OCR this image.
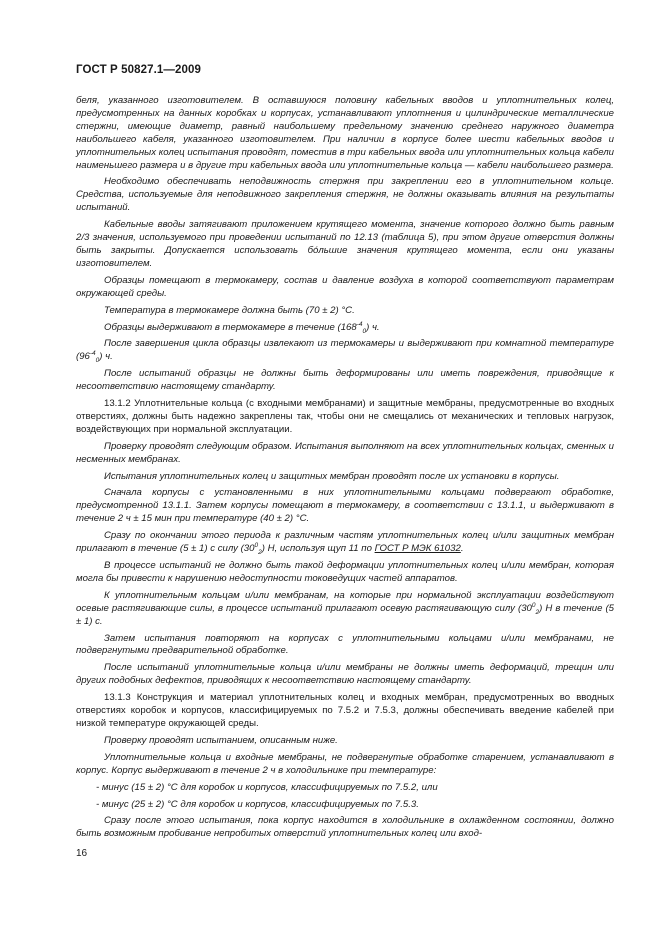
ГОСТ Р 50827.1—2009

беля, указанного изготовителем. В оставшуюся половину кабельных вводов и уплотнительных колец, предусмотренных на данных коробках и корпусах, устанавливают уплотнения и цилиндрические металлические стержни, имеющие диаметр, равный наибольшему предельному значению среднего наружного диаметра наибольшего кабеля, указанного изготовителем. При наличии в корпусе более шести кабельных вводов и уплотнительных колец испытания проводят, поместив в три кабельных ввода или уплотнительных кольца кабели наименьшего размера и в другие три кабельных ввода или уплотнительные кольца — кабели наибольшего размера.

Необходимо обеспечивать неподвижность стержня при закреплении его в уплотнительном кольце. Средства, используемые для неподвижного закрепления стержня, не должны оказывать влияния на результаты испытаний.

Кабельные вводы затягивают приложением крутящего момента, значение которого должно быть равным 2/3 значения, используемого при проведении испытаний по 12.13 (таблица 5), при этом другие отверстия должны быть закрыты. Допускается использовать бóльшие значения крутящего момента, если они указаны изготовителем.

Образцы помещают в термокамеру, состав и давление воздуха в которой соответствуют параметрам окружающей среды.

Температура в термокамере должна быть (70 ± 2) °С.

Образцы выдерживают в термокамере в течение $(168^{-4}_0)$ ч.

После завершения цикла образцы извлекают из термокамеры и выдерживают при комнатной температуре $(96^{-4}_0)$ ч.

После испытаний образцы не должны быть деформированы или иметь повреждения, приводящие к несоответствию настоящему стандарту.

13.1.2 Уплотнительные кольца (с входными мембранами) и защитные мембраны, предусмотренные во входных отверстиях, должны быть надежно закреплены так, чтобы они не смещались от механических и тепловых нагрузок, воздействующих при нормальной эксплуатации.

Проверку проводят следующим образом. Испытания выполняют на всех уплотнительных кольцах, сменных и несменных мембранах.

Испытания уплотнительных колец и защитных мембран проводят после их установки в корпусы.

Сначала корпусы с установленными в них уплотнительными кольцами подвергают обработке, предусмотренной 13.1.1. Затем корпусы помещают в термокамеру, в соответствии с 13.1.1, и выдерживают в течение 2 ч ± 15 мин при температуре (40 ± 2) °С.

Сразу по окончании этого периода к различным частям уплотнительных колец и/или защитных мембран прилагают в течение (5 ± 1) с силу $(30^0_2)$ Н, используя щуп 11 по ГОСТ Р МЭК 61032.

В процессе испытаний не должно быть такой деформации уплотнительных колец и/или мембран, которая могла бы привести к нарушению недоступности токоведущих частей аппаратов.

К уплотнительным кольцам и/или мембранам, на которые при нормальной эксплуатации воздействуют осевые растягивающие силы, в процессе испытаний прилагают осевую растягивающую силу $(30^0_2)$ Н в течение (5 ± 1) с.

Затем испытания повторяют на корпусах с уплотнительными кольцами и/или мембранами, не подвергнутыми предварительной обработке.

После испытаний уплотнительные кольца и/или мембраны не должны иметь деформаций, трещин или других подобных дефектов, приводящих к несоответствию настоящему стандарту.

13.1.3 Конструкция и материал уплотнительных колец и входных мембран, предусмотренных во вводных отверстиях коробок и корпусов, классифицируемых по 7.5.2 и 7.5.3, должны обеспечивать введение кабелей при низкой температуре окружающей среды.

Проверку проводят испытанием, описанным ниже.

Уплотнительные кольца и входные мембраны, не подвергнутые обработке старением, устанавливают в корпус. Корпус выдерживают в течение 2 ч в холодильнике при температуре:

- минус (15 ± 2) °С для коробок и корпусов, классифицируемых по 7.5.2, или

- минус (25 ± 2) °С для коробок и корпусов, классифицируемых по 7.5.3.

Сразу после этого испытания, пока корпус находится в холодильнике в охлажденном состоянии, должно быть возможным пробивание непробитых отверстий уплотнительных колец или вход-

16
